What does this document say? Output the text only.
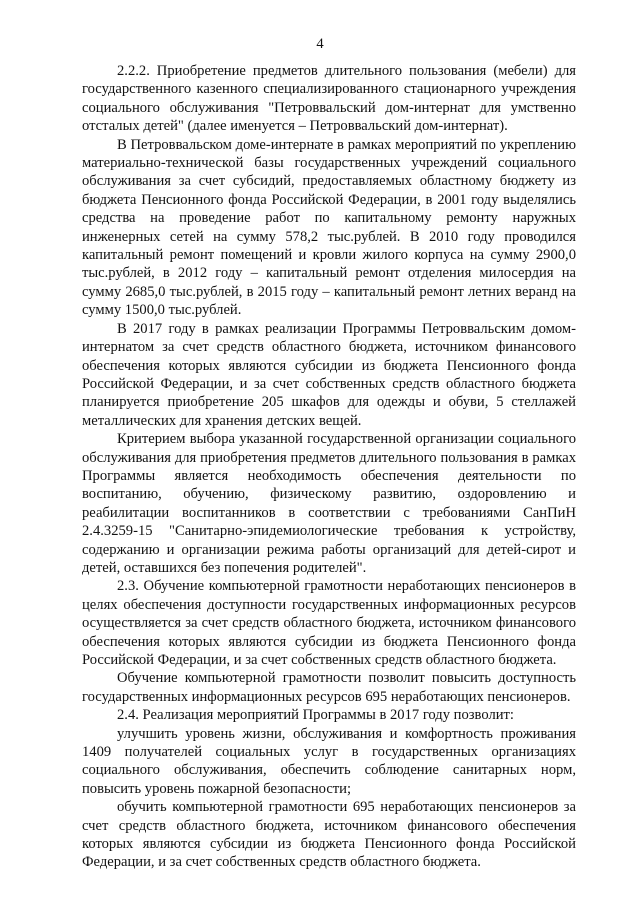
4

2.2.2. Приобретение предметов длительного пользования (мебели) для государственного казенного специализированного стационарного учреждения социального обслуживания "Петроввальский дом-интернат для умственно отсталых детей" (далее именуется – Петроввальский дом-интернат).

В Петроввальском доме-интернате в рамках мероприятий по укреплению материально-технической базы государственных учреждений социального обслуживания за счет субсидий, предоставляемых областному бюджету из бюджета Пенсионного фонда Российской Федерации, в 2001 году выделялись средства на проведение работ по капитальному ремонту наружных инженерных сетей на сумму 578,2 тыс.рублей. В 2010 году проводился капитальный ремонт помещений и кровли жилого корпуса на сумму 2900,0 тыс.рублей, в 2012 году – капитальный ремонт отделения милосердия на сумму 2685,0 тыс.рублей, в 2015 году – капитальный ремонт летних веранд на сумму 1500,0 тыс.рублей.

В 2017 году в рамках реализации Программы Петроввальским домом-интернатом за счет средств областного бюджета, источником финансового обеспечения которых являются субсидии из бюджета Пенсионного фонда Российской Федерации, и за счет собственных средств областного бюджета планируется приобретение 205 шкафов для одежды и обуви, 5 стеллажей металлических для хранения детских вещей.

Критерием выбора указанной государственной организации социального обслуживания для приобретения предметов длительного пользования в рамках Программы является необходимость обеспечения деятельности по воспитанию, обучению, физическому развитию, оздоровлению и реабилитации воспитанников в соответствии с требованиями СанПиН 2.4.3259-15 "Санитарно-эпидемиологические требования к устройству, содержанию и организации режима работы организаций для детей-сирот и детей, оставшихся без попечения родителей".

2.3. Обучение компьютерной грамотности неработающих пенсионеров в целях обеспечения доступности государственных информационных ресурсов осуществляется за счет средств областного бюджета, источником финансового обеспечения которых являются субсидии из бюджета Пенсионного фонда Российской Федерации, и за счет собственных средств областного бюджета.

Обучение компьютерной грамотности позволит повысить доступность государственных информационных ресурсов 695 неработающих пенсионеров.

2.4. Реализация мероприятий Программы в 2017 году позволит:

улучшить уровень жизни, обслуживания и комфортность проживания 1409 получателей социальных услуг в государственных организациях социального обслуживания, обеспечить соблюдение санитарных норм, повысить уровень пожарной безопасности;

обучить компьютерной грамотности 695 неработающих пенсионеров за счет средств областного бюджета, источником финансового обеспечения которых являются субсидии из бюджета Пенсионного фонда Российской Федерации, и за счет собственных средств областного бюджета.
